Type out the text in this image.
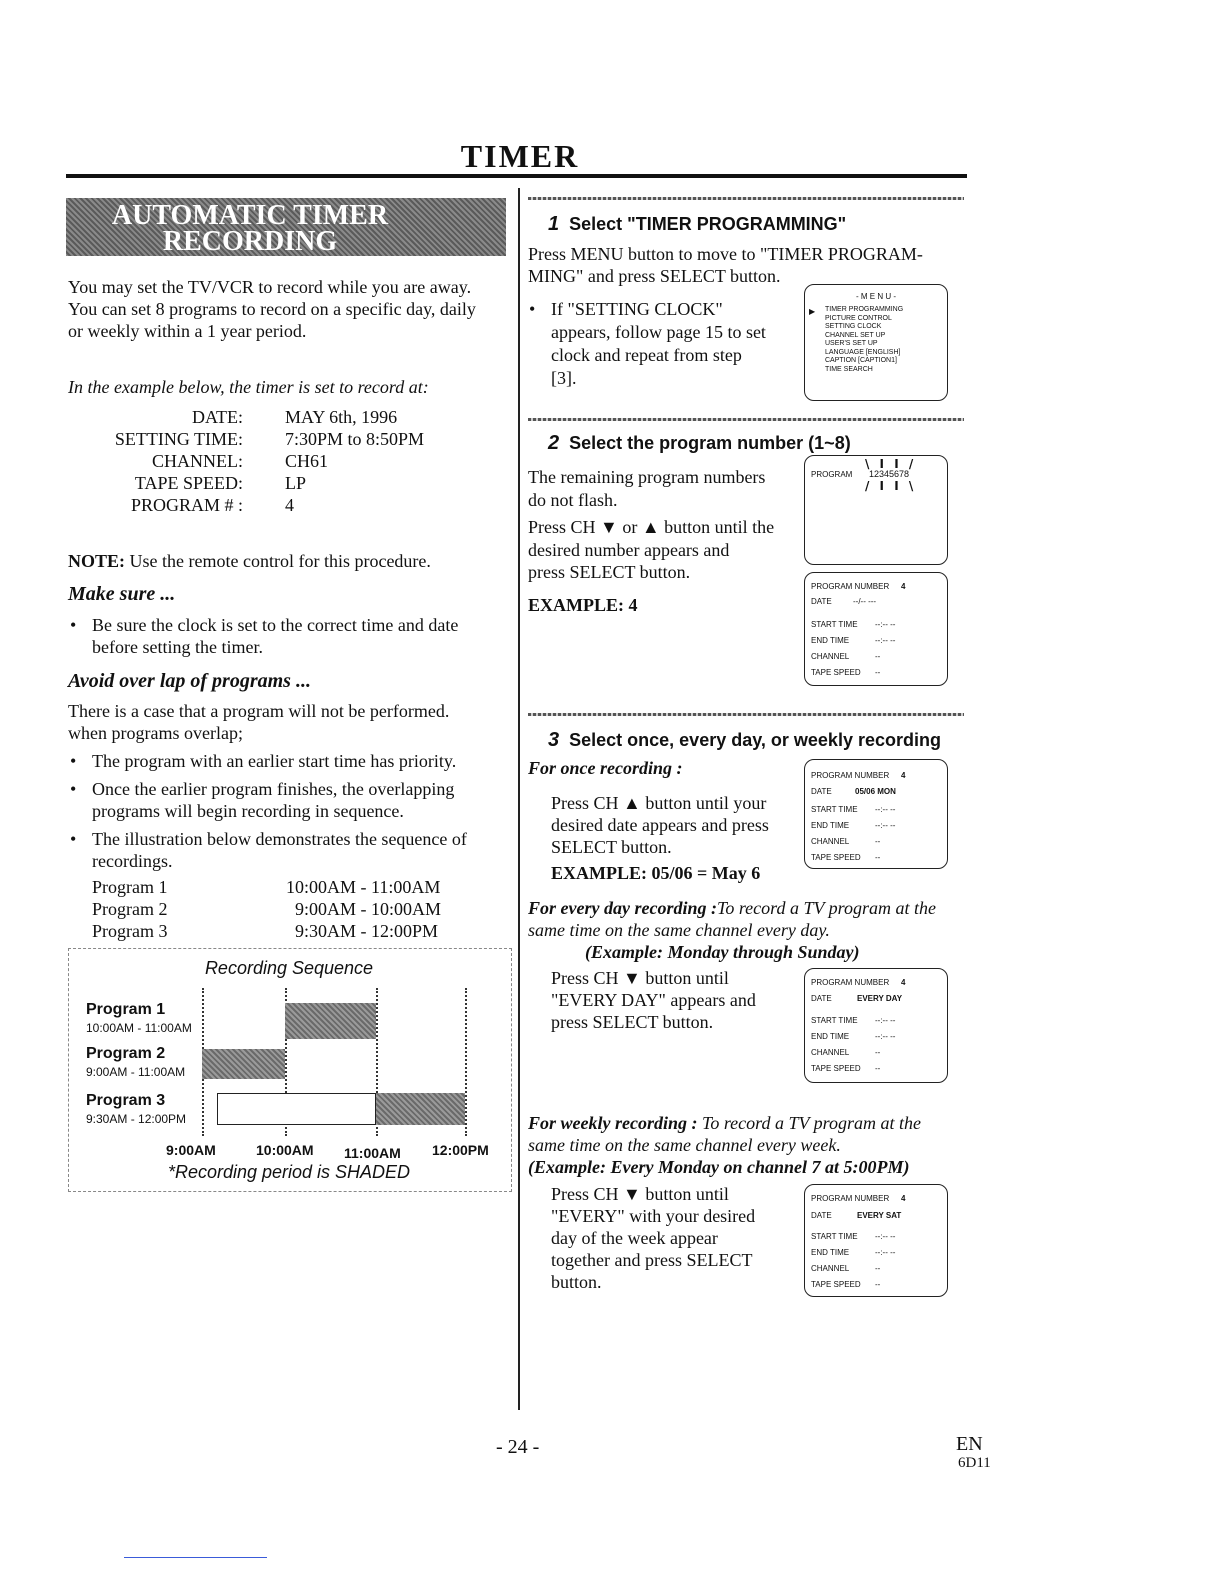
TIMER
AUTOMATIC TIMER
RECORDING
You may set the TV/VCR to record while you are away.
You can set 8 programs to record on a specific day, daily
or weekly within a 1 year period.
In the example below, the timer is set to record at:
DATE: MAY 6th, 1996
SETTING TIME: 7:30PM to 8:50PM
CHANNEL: CH61
TAPE SPEED: LP
PROGRAM # : 4
NOTE: Use the remote control for this procedure.
Make sure ...
• Be sure the clock is set to the correct time and date
before setting the timer.
Avoid over lap of programs ...
There is a case that a program will not be performed.
when programs overlap;
• The program with an earlier start time has priority.
• Once the earlier program finishes, the overlapping
programs will begin recording in sequence.
• The illustration below demonstrates the sequence of
recordings.
Program 1	10:00AM - 11:00AM
Program 2	9:00AM - 10:00AM
Program 3	9:30AM - 12:00PM
Recording Sequence
Program 1
10:00AM - 11:00AM
Program 2
9:00AM - 11:00AM
Program 3
9:30AM - 12:00PM
9:00AM	10:00AM 11:00AM 12:00PM
*Recording period is SHADED
1 Select "TIMER PROGRAMMING"
Press MENU button to move to "TIMER PROGRAM-
MING" and press SELECT button.
• If "SETTING CLOCK"
appears, follow page 15 to set
clock and repeat from step
[3].
- M E N U -
▶ TIMER PROGRAMMING
PICTURE CONTROL
SETTING CLOCK
CHANNEL SET UP
USER'S SET UP
LANGUAGE [ENGLISH]
CAPTION [CAPTION1]
TIME SEARCH
2 Select the program number (1~8)
The remaining program numbers
do not flash.
Press CH ▼ or ▲ button until the
desired number appears and
press SELECT button.
EXAMPLE: 4
PROGRAM
\ I I /
12345678
/ I I \
PROGRAM NUMBER 4
DATE	--/-- ---
START TIME --:-- --
END TIME	--:-- --
CHANNEL	--
TAPE SPEED --
3 Select once, every day, or weekly recording
For once recording :
Press CH ▲ button until your
desired date appears and press
SELECT button.
EXAMPLE: 05/06 = May 6
PROGRAM NUMBER 4
DATE	05/06 MON
START TIME --:-- --
END TIME	--:-- --
CHANNEL	--
TAPE SPEED --
For every day recording :To record a TV program at the
same time on the same channel every day.
(Example: Monday through Sunday)
Press CH ▼ button until
"EVERY DAY" appears and
press SELECT button.
PROGRAM NUMBER 4
DATE	EVERY DAY
START TIME --:-- --
END TIME	--:-- --
CHANNEL	--
TAPE SPEED --
For weekly recording : To record a TV program at the
same time on the same channel every week.
(Example: Every Monday on channel 7 at 5:00PM)
Press CH ▼ button until
"EVERY" with your desired
day of the week appear
together and press SELECT
button.
PROGRAM NUMBER 4
DATE	EVERY SAT
START TIME --:-- --
END TIME	--:-- --
CHANNEL	--
TAPE SPEED --
- 24 -	EN
6D11
